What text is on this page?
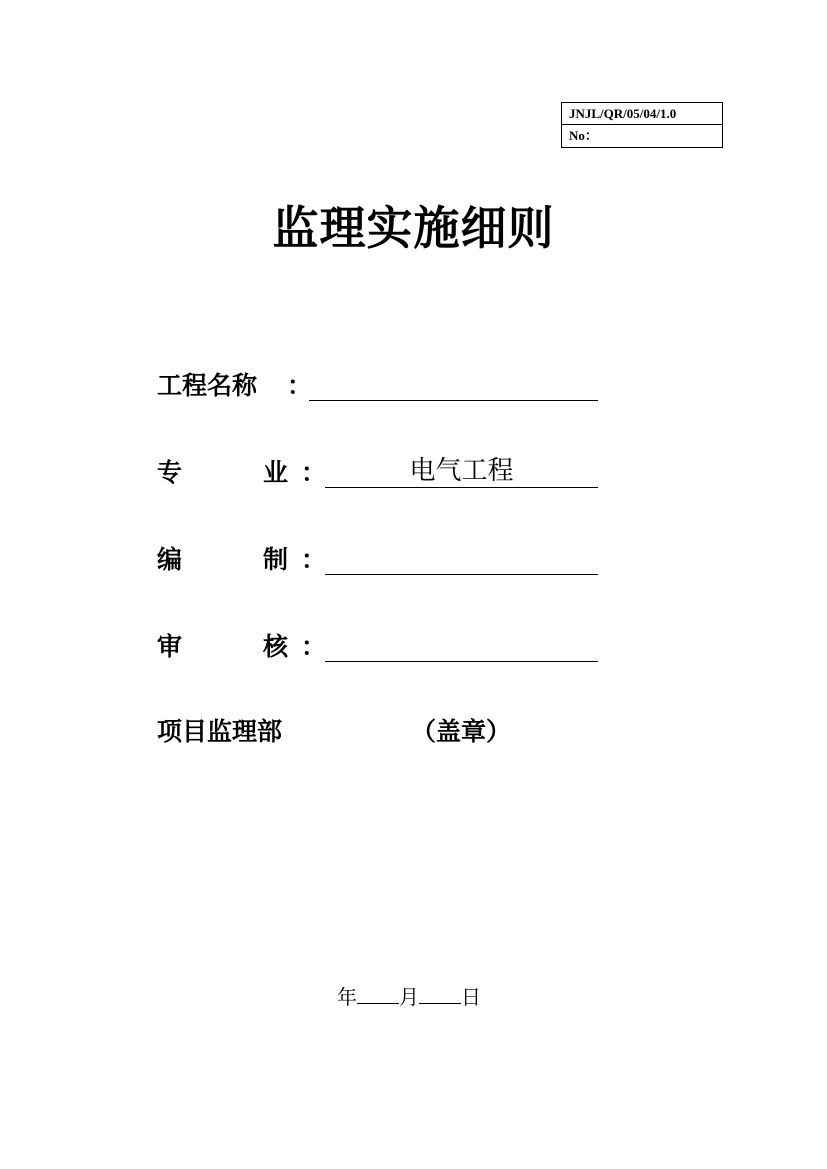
JNJL/QR/05/04/1.0
No：
监理实施细则
工程名称 ：
专	业 ：	电气工程
编	制 ：
审	核 ：
项目监理部	（盖章）
年 月 日
